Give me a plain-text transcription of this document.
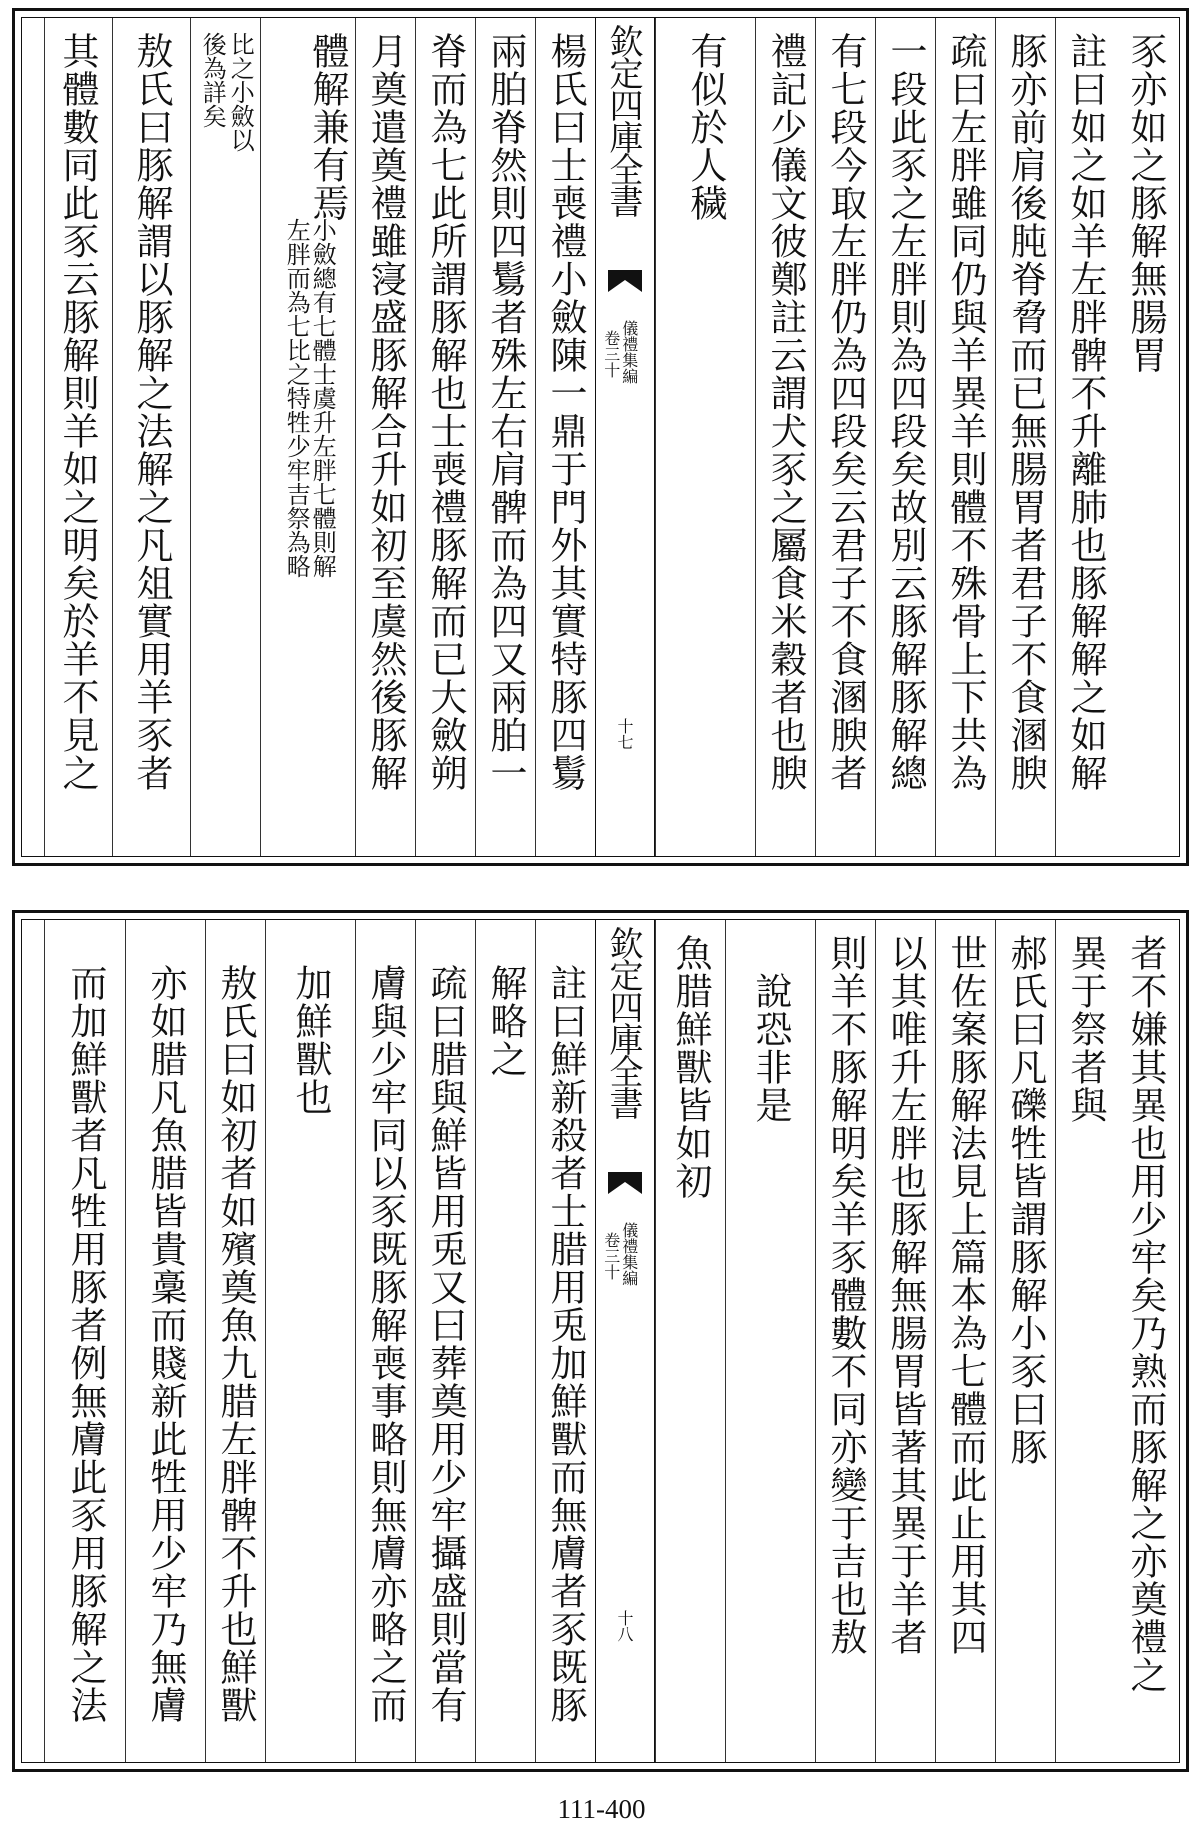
豕亦如之豚解無腸胃
註曰如之如羊左胖髀不升離肺也豚解解之如解
豚亦前肩後肫脊脅而已無腸胃者君子不食溷腴
疏曰左胖雖同仍與羊異羊則體不殊骨上下共為
一段此豕之左胖則為四段矣故別云豚解豚解總
有七段今取左胖仍為四段矣云君子不食溷腴者
禮記少儀文彼鄭註云謂犬豕之屬食米穀者也腴
有似於人穢
欽定四庫全書
儀禮集編
卷三十
十七
楊氏曰士喪禮小斂陳一鼎于門外其實特豚四鬄
兩胉脊然則四鬄者殊左右肩髀而為四又兩胉一
脊而為七此所謂豚解也士喪禮豚解而已大斂朔
月奠遣奠禮雖寖盛豚解合升如初至虞然後豚解
體解兼有焉
小斂總有七體士虞升左胖七體則解
左胖而為七比之特牲少牢吉祭為略
比之小斂以
後為詳矣
敖氏曰豚解謂以豚解之法解之凡俎實用羊豕者
其體數同此豕云豚解則羊如之明矣於羊不見之
者不嫌其異也用少牢矣乃熟而豚解之亦奠禮之
異于祭者與
郝氏曰凡礫牲皆謂豚解小豕曰豚
世佐案豚解法見上篇本為七體而此止用其四
以其唯升左胖也豚解無腸胃皆著其異于羊者
則羊不豚解明矣羊豕體數不同亦變于吉也敖
說恐非是
魚腊鮮獸皆如初
欽定四庫全書
儀禮集編
卷三十
十八
註曰鮮新殺者士腊用兎加鮮獸而無膚者豕既豚
解略之
疏曰腊與鮮皆用兎又曰葬奠用少牢攝盛則當有
膚與少牢同以豕既豚解喪事略則無膚亦略之而
加鮮獸也
敖氏曰如初者如殯奠魚九腊左胖髀不升也鮮獸
亦如腊凡魚腊皆貴稾而賤新此牲用少牢乃無膚
而加鮮獸者凡牲用豚者例無膚此豕用豚解之法
111-400
